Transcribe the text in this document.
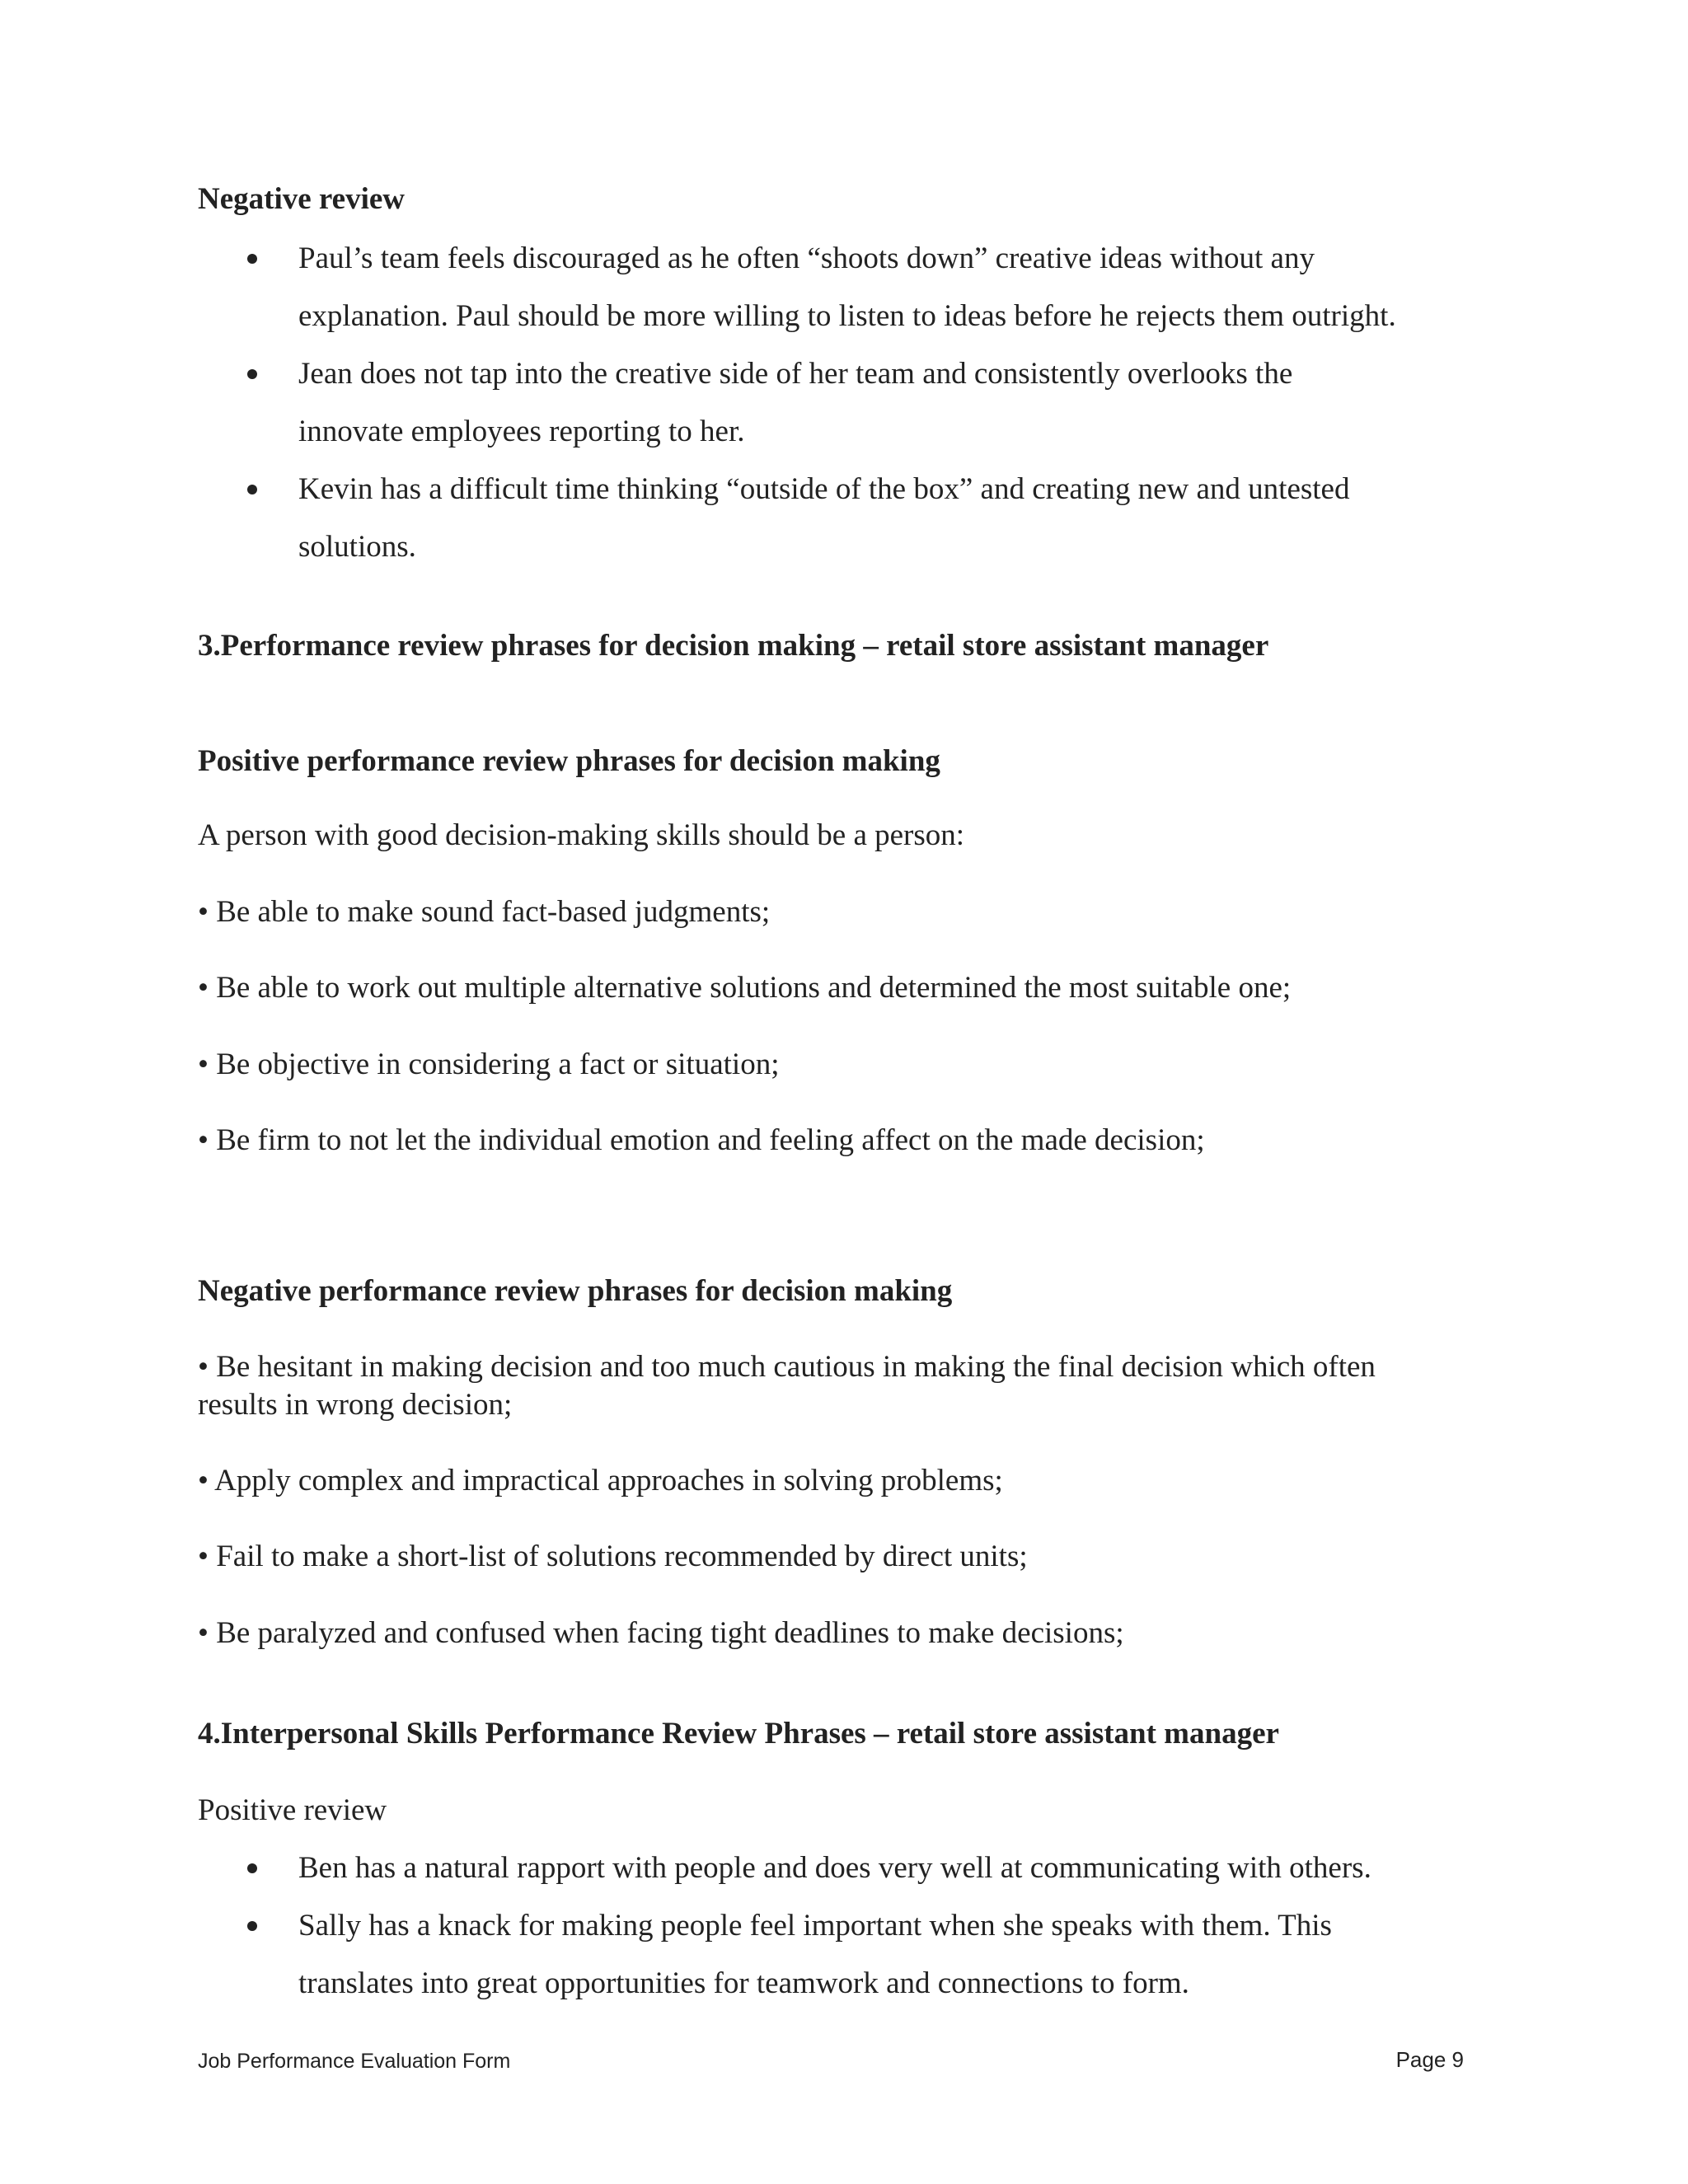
Negative review
Paul’s team feels discouraged as he often “shoots down” creative ideas without any
explanation. Paul should be more willing to listen to ideas before he rejects them outright.
Jean does not tap into the creative side of her team and consistently overlooks the
innovate employees reporting to her.
Kevin has a difficult time thinking “outside of the box” and creating new and untested
solutions.
3.Performance review phrases for decision making – retail store assistant manager
Positive performance review phrases for decision making
A person with good decision-making skills should be a person:
• Be able to make sound fact-based judgments;
• Be able to work out multiple alternative solutions and determined the most suitable one;
• Be objective in considering a fact or situation;
• Be firm to not let the individual emotion and feeling affect on the made decision;
Negative performance review phrases for decision making
• Be hesitant in making decision and too much cautious in making the final decision which often
results in wrong decision;
• Apply complex and impractical approaches in solving problems;
• Fail to make a short-list of solutions recommended by direct units;
• Be paralyzed and confused when facing tight deadlines to make decisions;
4.Interpersonal Skills Performance Review Phrases – retail store assistant manager
Positive review
Ben has a natural rapport with people and does very well at communicating with others.
Sally has a knack for making people feel important when she speaks with them. This
translates into great opportunities for teamwork and connections to form.
Job Performance Evaluation Form	Page 9
